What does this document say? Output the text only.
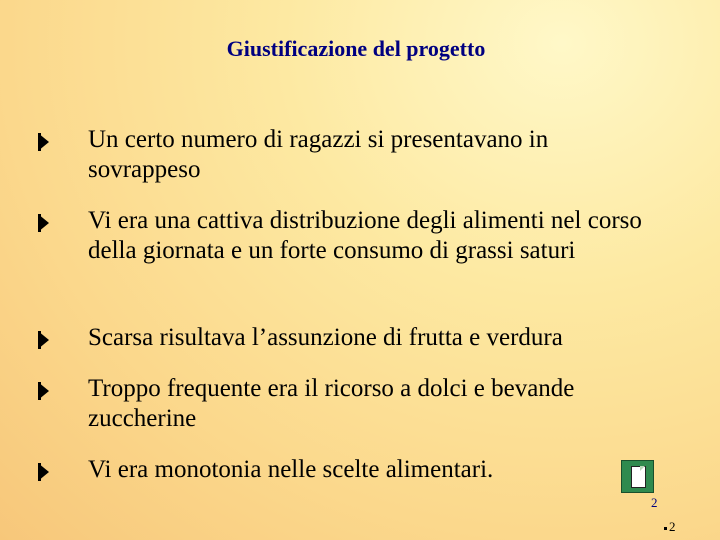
Giustificazione del progetto
Un certo numero di ragazzi si presentavano in sovrappeso
Vi era una cattiva distribuzione degli alimenti nel corso della giornata e un forte consumo di grassi saturi
Scarsa risultava l’assunzione di frutta e verdura
Troppo frequente era il ricorso a dolci e bevande zuccherine
Vi era monotonia nelle scelte alimentari.
2
2
